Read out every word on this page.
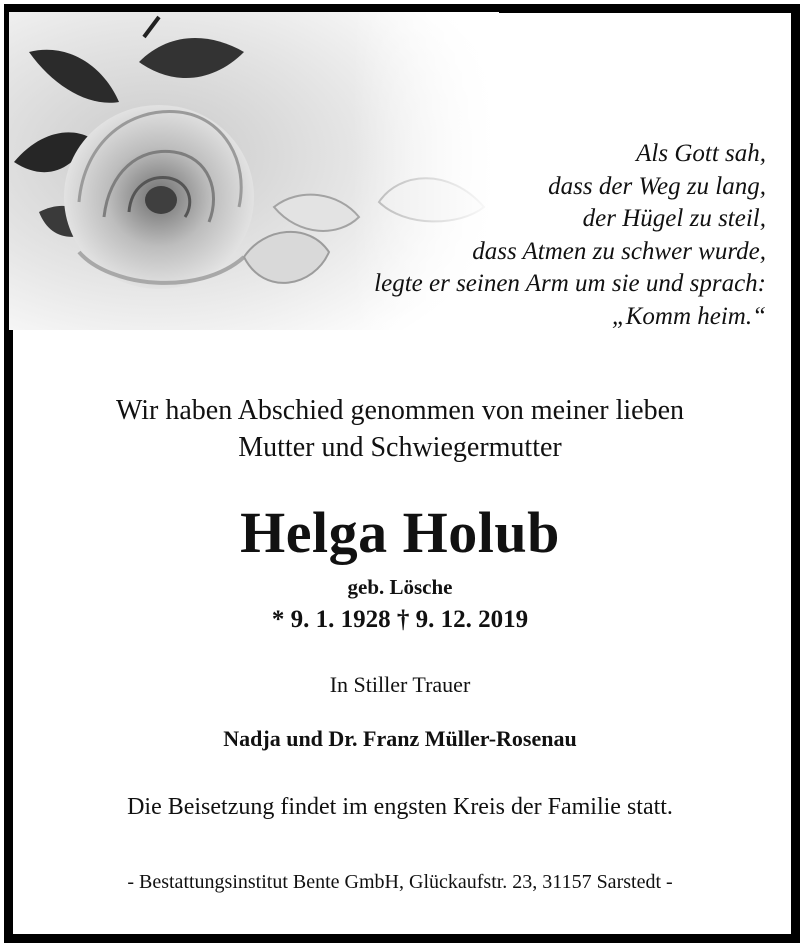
Als Gott sah,
dass der Weg zu lang,
der Hügel zu steil,
dass Atmen zu schwer wurde,
legte er seinen Arm um sie und sprach:
„Komm heim.“
Wir haben Abschied genommen von meiner lieben
Mutter und Schwiegermutter
Helga Holub
geb. Lösche
* 9. 1. 1928 † 9. 12. 2019
In Stiller Trauer
Nadja und Dr. Franz Müller-Rosenau
Die Beisetzung findet im engsten Kreis der Familie statt.
- Bestattungsinstitut Bente GmbH, Glückaufstr. 23, 31157 Sarstedt -
